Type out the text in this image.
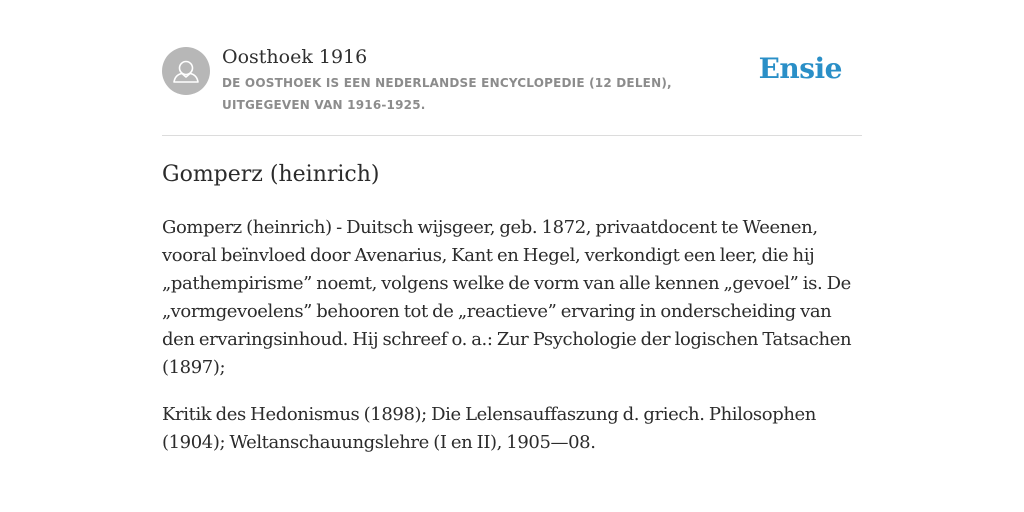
Oosthoek 1916
DE OOSTHOEK IS EEN NEDERLANDSE ENCYCLOPEDIE (12 DELEN), UITGEGEVEN VAN 1916-1925.
Ensie
Gomperz (heinrich)

Gomperz (heinrich) - Duitsch wijsgeer, geb. 1872, privaatdocent te Weenen, vooral beïnvloed door Avenarius, Kant en Hegel, verkondigt een leer, die hij „pathempirisme” noemt, volgens welke de vorm van alle kennen „gevoel” is. De „vormgevoelens” behooren tot de „reactieve” ervaring in onderscheiding van den ervaringsinhoud. Hij schreef o. a.: Zur Psychologie der logischen Tatsachen (1897);

Kritik des Hedonismus (1898); Die Lelensauffaszung d. griech. Philosophen (1904); Weltanschauungslehre (I en II), 1905—08.
